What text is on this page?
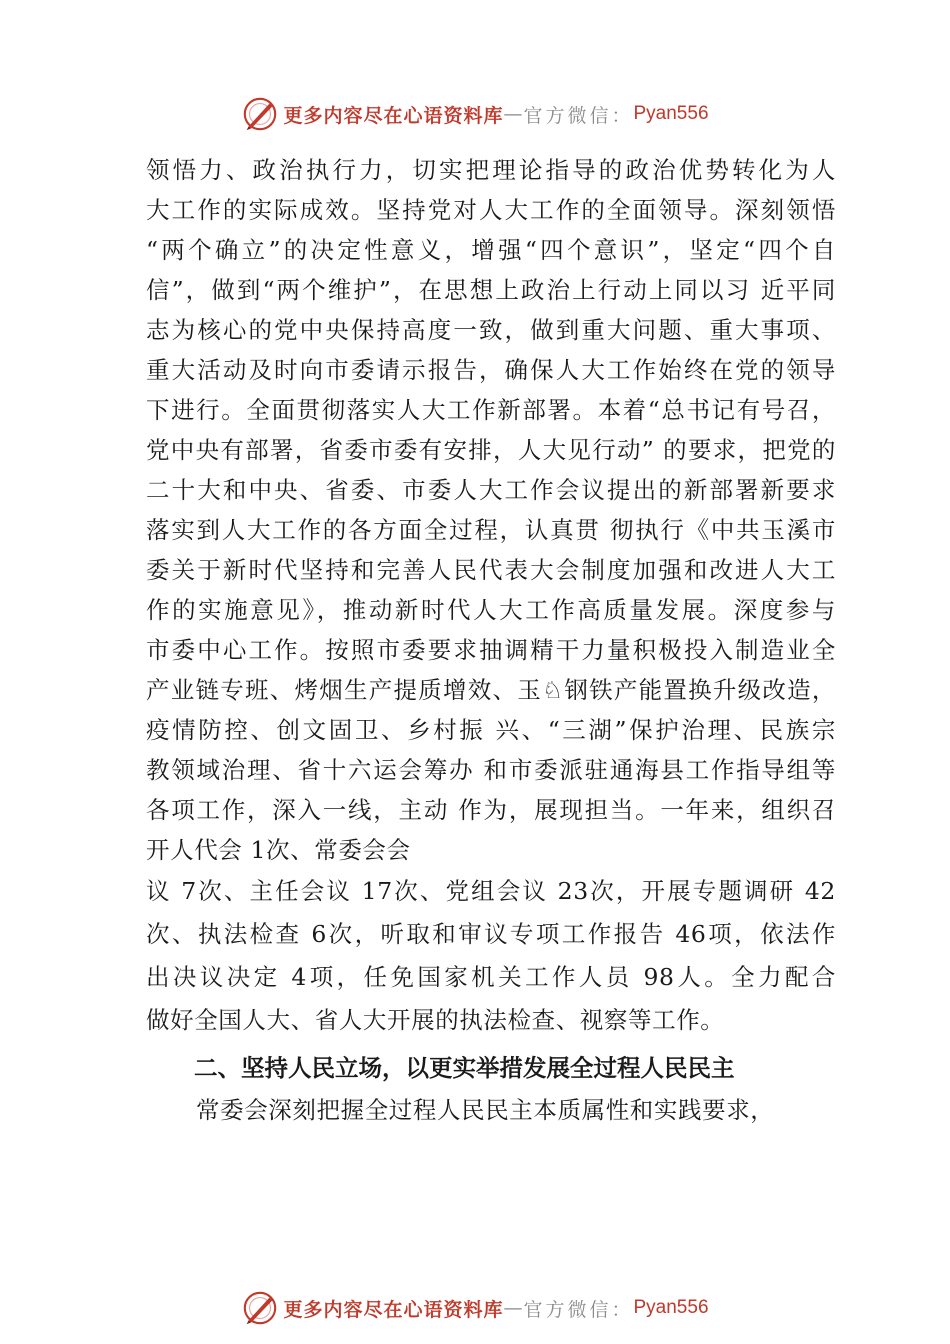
更多内容尽在心语资料库 — 官方微信： Pyan556
领悟力、政治执行力，切实把理论指导的政治优势转化为人
大工作的实际成效。坚持党对人大工作的全面领导。深刻领悟
“两个确立”的决定性意义，增强“四个意识”，坚定“四个自
信”，做到“两个维护”，在思想上政治上行动上同以习 近平同
志为核心的党中央保持高度一致，做到重大问题、重大事项、
重大活动及时向市委请示报告，确保人大工作始终在党的领导
下进行。全面贯彻落实人大工作新部署。本着“总书记有号召，
党中央有部署，省委市委有安排，人大见行动” 的要求，把党的
二十大和中央、省委、市委人大工作会议提出的新部署新要求
落实到人大工作的各方面全过程，认真贯 彻执行《中共玉溪市
委关于新时代坚持和完善人民代表大会制度加强和改进人大工
作的实施意见》，推动新时代人大工作高质量发展。深度参与
市委中心工作。按照市委要求抽调精干力量积极投入制造业全
产业链专班、烤烟生产提质增效、玉♘钢铁产能置换升级改造，
疫情防控、创文固卫、乡村振 兴、“三湖”保护治理、民族宗
教领域治理、省十六运会筹办 和市委派驻通海县工作指导组等
各项工作，深入一线，主动 作为，展现担当。一年来，组织召
开人代会 1次、常委会会
议 7次、主任会议 17次、党组会议 23次，开展专题调研 42
次、执法检查 6次，听取和审议专项工作报告 46项，依法作
出决议决定 4项，任免国家机关工作人员 98人。全力配合
做好全国人大、省人大开展的执法检查、视察等工作。
二、坚持人民立场，以更实举措发展全过程人民民主
常委会深刻把握全过程人民民主本质属性和实践要求，
更多内容尽在心语资料库 — 官方微信： Pyan556
